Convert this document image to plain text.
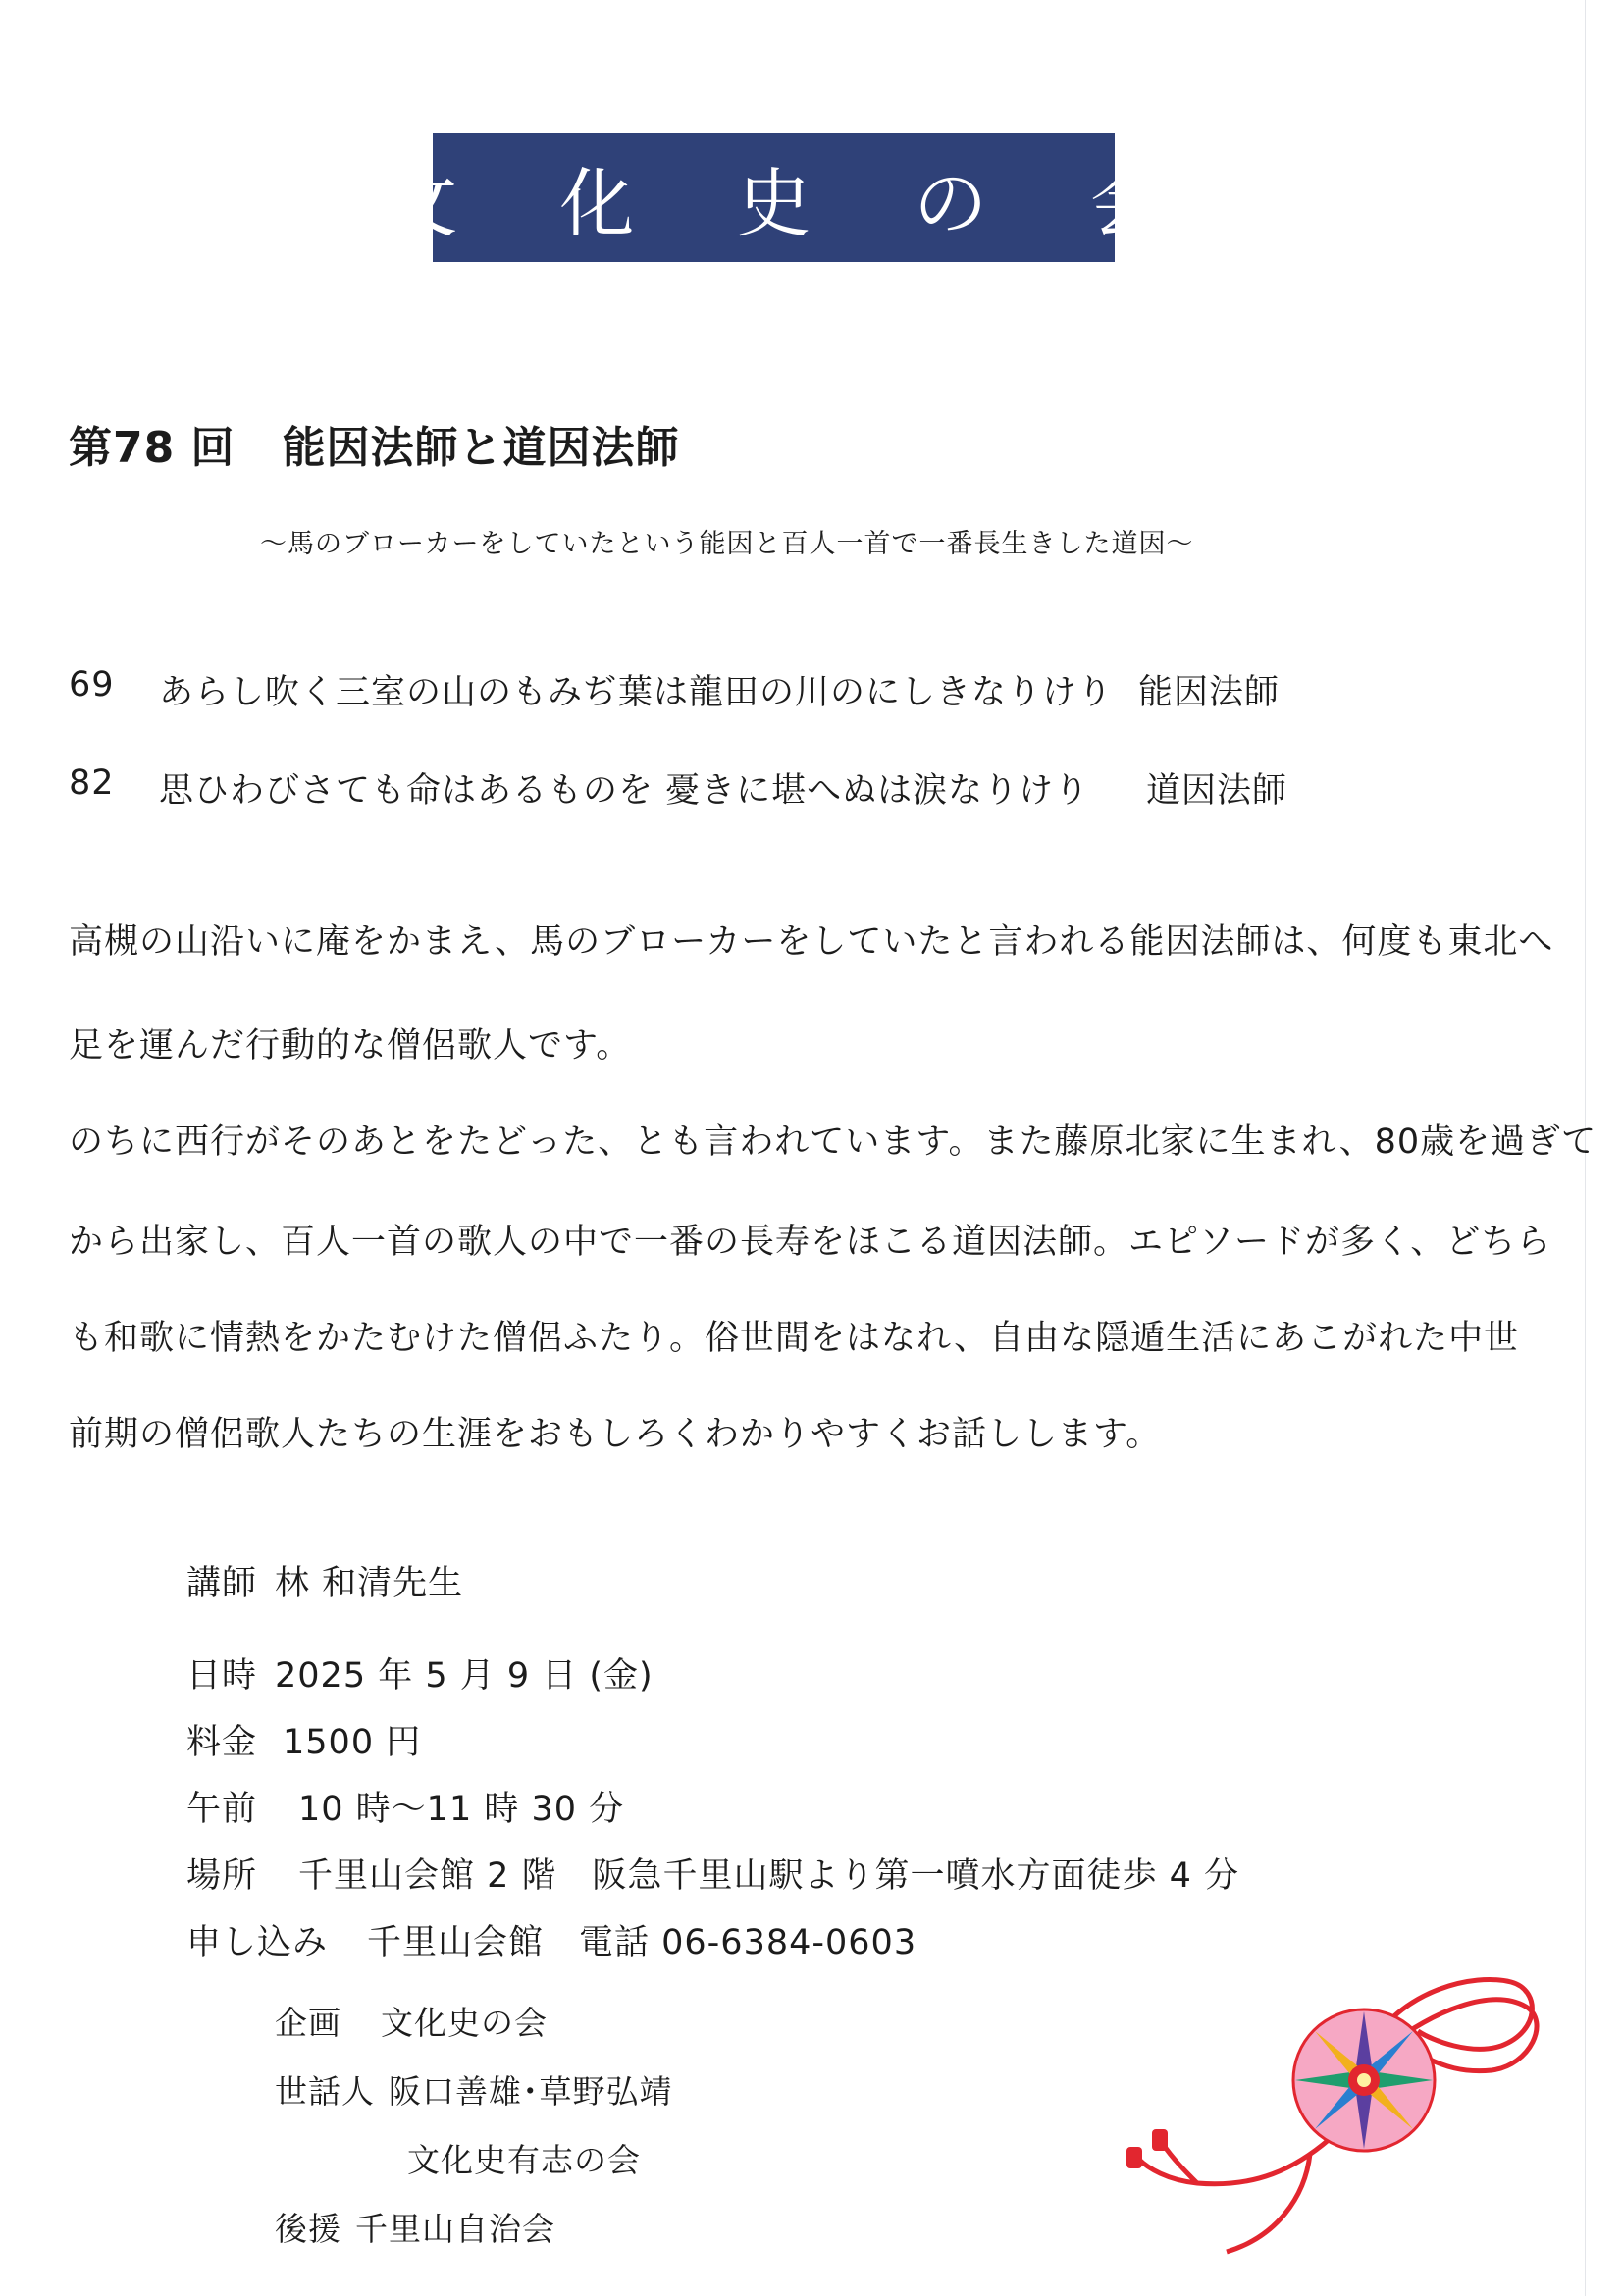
文 化 史 の 会
第78 回 能因法師と道因法師
～馬のブローカーをしていたという能因と百人一首で一番長生きした道因～
69 あらし吹く三室の山のもみぢ葉は龍田の川のにしきなりけり 能因法師
82 思ひわびさても命はあるものを 憂きに堪へぬは涙なりけり 道因法師
高槻の山沿いに庵をかまえ、馬のブローカーをしていたと言われる能因法師は、何度も東北へ
足を運んだ行動的な僧侶歌人です。
のちに西行がそのあとをたどった、とも言われています。また藤原北家に生まれ、80歳を過ぎて
から出家し、百人一首の歌人の中で一番の長寿をほこる道因法師。エピソードが多く、どちら
も和歌に情熱をかたむけた僧侶ふたり。俗世間をはなれ、自由な隠遁生活にあこがれた中世
前期の僧侶歌人たちの生涯をおもしろくわかりやすくお話しします。
講師 林 和清先生
日時 2025 年 5 月 9 日 (金)
料金 1500 円
午前 10 時～11 時 30 分
場所 千里山会館 2 階　阪急千里山駅より第一噴水方面徒歩 4 分
申し込み 千里山会館　電話 06-6384-0603
企画 文化史の会
世話人 阪口善雄･草野弘靖
文化史有志の会
後援 千里山自治会
